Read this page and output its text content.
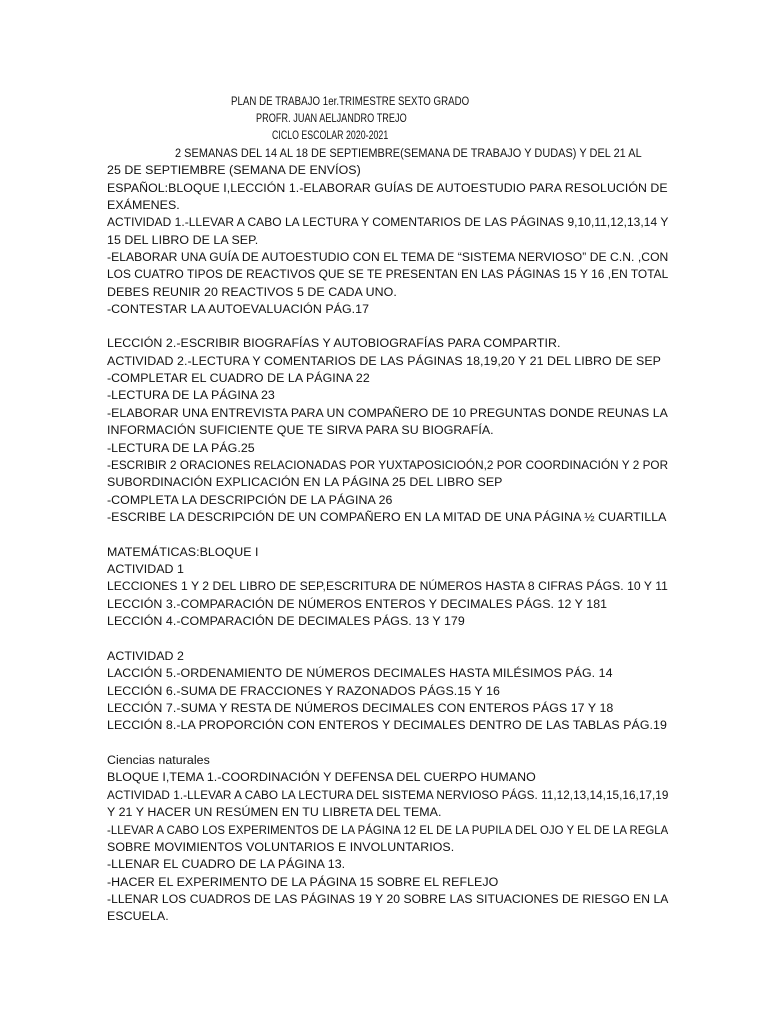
PLAN DE TRABAJO 1er.TRIMESTRE SEXTO GRADO
PROFR. JUAN AELJANDRO TREJO
CICLO ESCOLAR 2020-2021
2 SEMANAS DEL 14 AL 18 DE SEPTIEMBRE(SEMANA DE TRABAJO Y DUDAS) Y DEL 21 AL
25 DE SEPTIEMBRE (SEMANA DE ENVÍOS)
ESPAÑOL:BLOQUE I,LECCIÓN 1.-ELABORAR GUÍAS DE AUTOESTUDIO PARA RESOLUCIÓN DE
EXÁMENES.
ACTIVIDAD 1.-LLEVAR A CABO LA LECTURA Y COMENTARIOS DE LAS PÁGINAS 9,10,11,12,13,14 Y
15 DEL LIBRO DE LA SEP.
-ELABORAR UNA GUÍA DE AUTOESTUDIO CON EL TEMA DE “SISTEMA NERVIOSO” DE C.N. ,CON
LOS CUATRO TIPOS DE REACTIVOS QUE SE TE PRESENTAN EN LAS PÁGINAS 15 Y 16 ,EN TOTAL
DEBES REUNIR 20 REACTIVOS 5 DE CADA UNO.
-CONTESTAR LA AUTOEVALUACIÓN PÁG.17
LECCIÓN 2.-ESCRIBIR BIOGRAFÍAS Y AUTOBIOGRAFÍAS PARA COMPARTIR.
ACTIVIDAD 2.-LECTURA Y COMENTARIOS DE LAS PÁGINAS 18,19,20 Y 21 DEL LIBRO DE SEP
-COMPLETAR EL CUADRO DE LA PÁGINA 22
-LECTURA DE LA PÁGINA 23
-ELABORAR UNA ENTREVISTA PARA UN COMPAÑERO DE 10 PREGUNTAS DONDE REUNAS LA
INFORMACIÓN SUFICIENTE QUE TE SIRVA PARA SU BIOGRAFÍA.
-LECTURA DE LA PÁG.25
-ESCRIBIR 2 ORACIONES RELACIONADAS POR YUXTAPOSICIOÓN,2 POR COORDINACIÓN Y 2 POR
SUBORDINACIÓN EXPLICACIÓN EN LA PÁGINA 25 DEL LIBRO SEP
-COMPLETA LA DESCRIPCIÓN DE LA PÁGINA 26
-ESCRIBE LA DESCRIPCIÓN DE UN COMPAÑERO EN LA MITAD DE UNA PÁGINA ½ CUARTILLA
MATEMÁTICAS:BLOQUE I
ACTIVIDAD 1
LECCIONES 1 Y 2 DEL LIBRO DE SEP,ESCRITURA DE NÚMEROS HASTA 8 CIFRAS PÁGS. 10 Y 11
LECCIÓN 3.-COMPARACIÓN DE NÚMEROS ENTEROS Y DECIMALES PÁGS. 12 Y 181
LECCIÓN 4.-COMPARACIÓN DE DECIMALES PÁGS. 13 Y 179
ACTIVIDAD 2
LACCIÓN 5.-ORDENAMIENTO DE NÚMEROS DECIMALES HASTA MILÉSIMOS PÁG. 14
LECCIÓN 6.-SUMA DE FRACCIONES Y RAZONADOS PÁGS.15 Y 16
LECCIÓN 7.-SUMA Y RESTA DE NÚMEROS DECIMALES CON ENTEROS PÁGS 17 Y 18
LECCIÓN 8.-LA PROPORCIÓN CON ENTEROS Y DECIMALES DENTRO DE LAS TABLAS PÁG.19
Ciencias naturales
BLOQUE I,TEMA 1.-COORDINACIÓN Y DEFENSA DEL CUERPO HUMANO
ACTIVIDAD 1.-LLEVAR A CABO LA LECTURA DEL SISTEMA NERVIOSO PÁGS. 11,12,13,14,15,16,17,19
Y 21 Y HACER UN RESÚMEN EN TU LIBRETA DEL TEMA.
-LLEVAR A CABO LOS EXPERIMENTOS DE LA PÁGINA 12 EL DE LA PUPILA DEL OJO Y EL DE LA REGLA
SOBRE MOVIMIENTOS VOLUNTARIOS E INVOLUNTARIOS.
-LLENAR EL CUADRO DE LA PÁGINA 13.
-HACER EL EXPERIMENTO DE LA PÁGINA 15 SOBRE EL REFLEJO
-LLENAR LOS CUADROS DE LAS PÁGINAS 19 Y 20 SOBRE LAS SITUACIONES DE RIESGO EN LA
ESCUELA.
